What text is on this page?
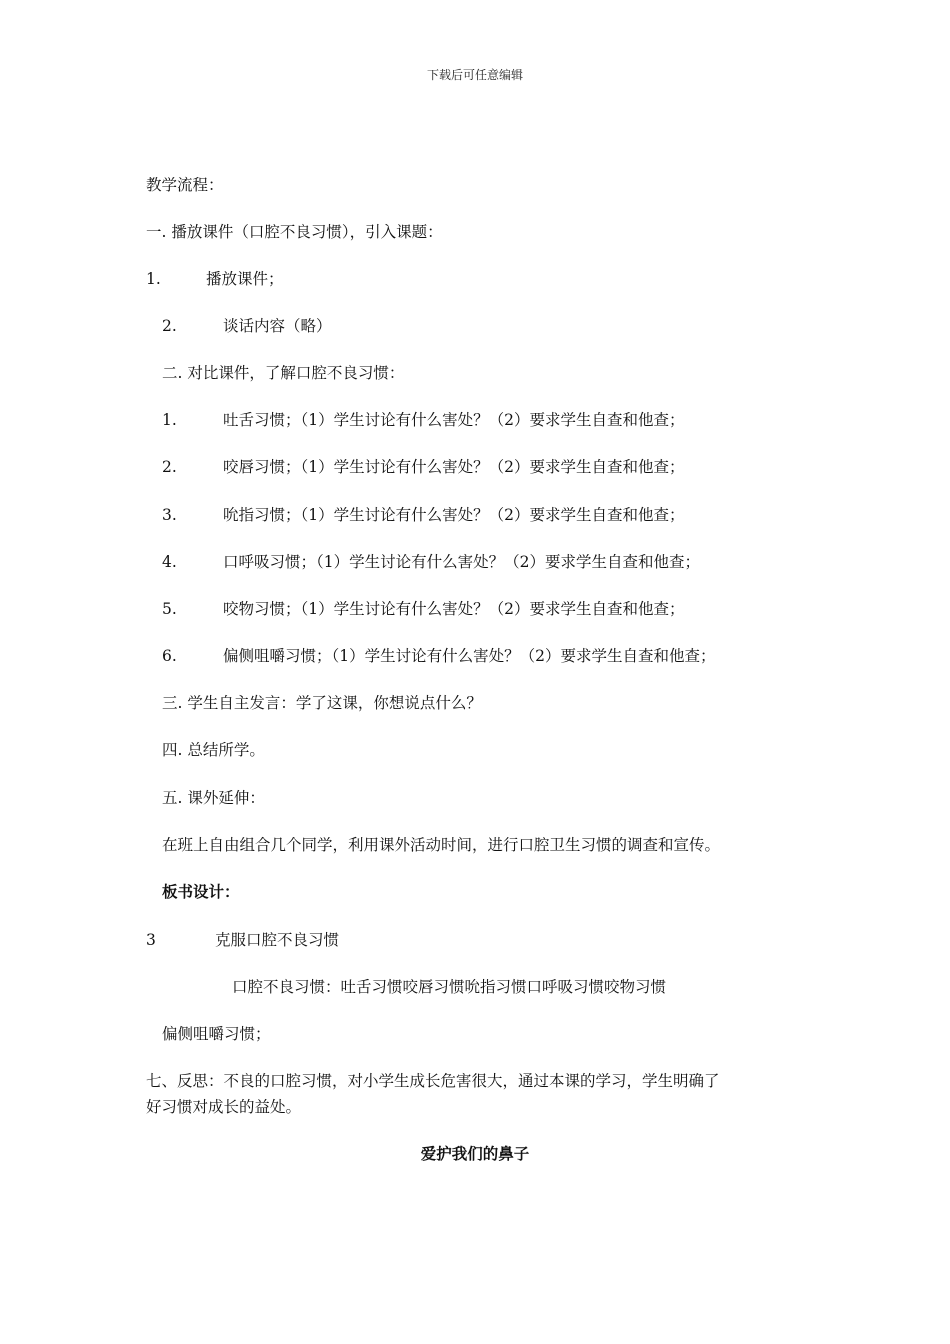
下载后可任意编辑
教学流程：
一. 播放课件（口腔不良习惯），引入课题：
1.	播放课件；
2.	谈话内容（略）
二. 对比课件，了解口腔不良习惯：
1.	吐舌习惯；（1）学生讨论有什么害处？（2）要求学生自查和他查；
2.	咬唇习惯；（1）学生讨论有什么害处？（2）要求学生自查和他查；
3.	吮指习惯；（1）学生讨论有什么害处？（2）要求学生自查和他查；
4.	口呼吸习惯；（1）学生讨论有什么害处？（2）要求学生自查和他查；
5.	咬物习惯；（1）学生讨论有什么害处？（2）要求学生自查和他查；
6.	偏侧咀嚼习惯；（1）学生讨论有什么害处？（2）要求学生自查和他查；
三. 学生自主发言：学了这课，你想说点什么？
四. 总结所学。
五. 课外延伸：
在班上自由组合几个同学，利用课外活动时间，进行口腔卫生习惯的调查和宣传。
板书设计：
3	克服口腔不良习惯
口腔不良习惯：吐舌习惯咬唇习惯吮指习惯口呼吸习惯咬物习惯
偏侧咀嚼习惯；
七、反思：不良的口腔习惯，对小学生成长危害很大，通过本课的学习，学生明确了
好习惯对成长的益处。
爱护我们的鼻子
